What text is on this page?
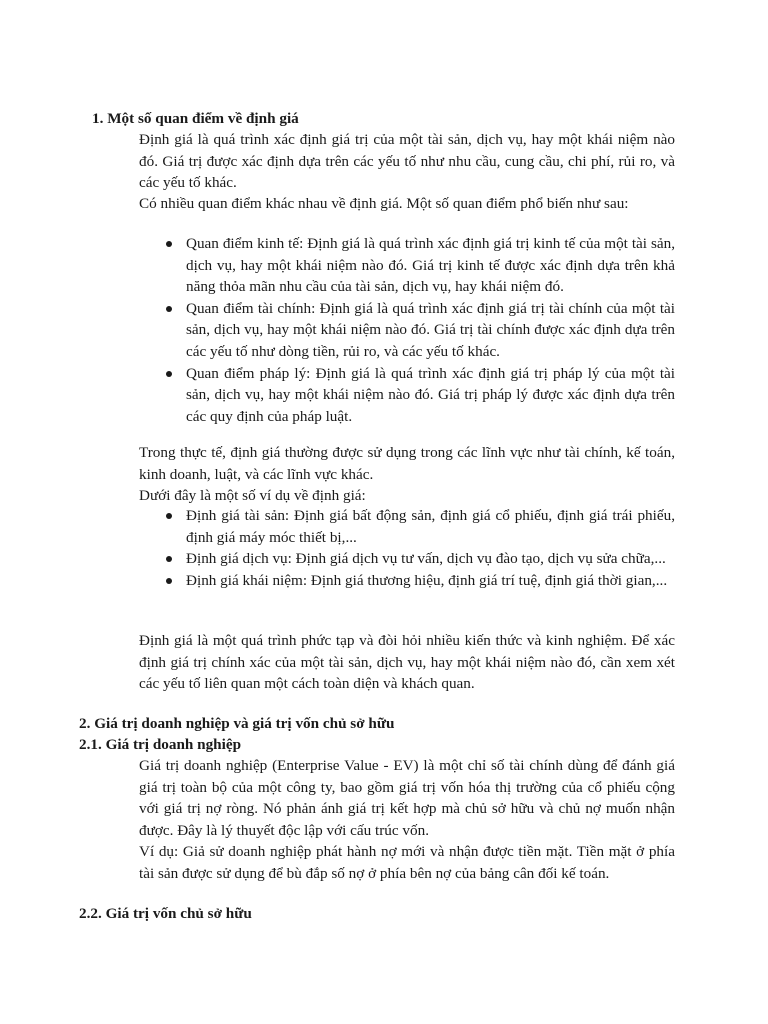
1. Một số quan điểm về định giá

Định giá là quá trình xác định giá trị của một tài sản, dịch vụ, hay một khái niệm nào đó. Giá trị được xác định dựa trên các yếu tố như nhu cầu, cung cầu, chi phí, rủi ro, và các yếu tố khác.

Có nhiều quan điểm khác nhau về định giá. Một số quan điểm phổ biến như sau:

Quan điểm kinh tế: Định giá là quá trình xác định giá trị kinh tế của một tài sản, dịch vụ, hay một khái niệm nào đó. Giá trị kinh tế được xác định dựa trên khả năng thỏa mãn nhu cầu của tài sản, dịch vụ, hay khái niệm đó.
Quan điểm tài chính: Định giá là quá trình xác định giá trị tài chính của một tài sản, dịch vụ, hay một khái niệm nào đó. Giá trị tài chính được xác định dựa trên các yếu tố như dòng tiền, rủi ro, và các yếu tố khác.
Quan điểm pháp lý: Định giá là quá trình xác định giá trị pháp lý của một tài sản, dịch vụ, hay một khái niệm nào đó. Giá trị pháp lý được xác định dựa trên các quy định của pháp luật.

Trong thực tế, định giá thường được sử dụng trong các lĩnh vực như tài chính, kế toán, kinh doanh, luật, và các lĩnh vực khác.

Dưới đây là một số ví dụ về định giá:

Định giá tài sản: Định giá bất động sản, định giá cổ phiếu, định giá trái phiếu, định giá máy móc thiết bị,...
Định giá dịch vụ: Định giá dịch vụ tư vấn, dịch vụ đào tạo, dịch vụ sửa chữa,...
Định giá khái niệm: Định giá thương hiệu, định giá trí tuệ, định giá thời gian,...

Định giá là một quá trình phức tạp và đòi hỏi nhiều kiến thức và kinh nghiệm. Để xác định giá trị chính xác của một tài sản, dịch vụ, hay một khái niệm nào đó, cần xem xét các yếu tố liên quan một cách toàn diện và khách quan.

2. Giá trị doanh nghiệp và giá trị vốn chủ sở hữu
2.1. Giá trị doanh nghiệp

Giá trị doanh nghiệp (Enterprise Value - EV) là một chỉ số tài chính dùng để đánh giá giá trị toàn bộ của một công ty, bao gồm giá trị vốn hóa thị trường của cổ phiếu cộng với giá trị nợ ròng. Nó phản ánh giá trị kết hợp mà chủ sở hữu và chủ nợ muốn nhận được. Đây là lý thuyết độc lập với cấu trúc vốn.

Ví dụ: Giả sử doanh nghiệp phát hành nợ mới và nhận được tiền mặt. Tiền mặt ở phía tài sản được sử dụng để bù đắp số nợ ở phía bên nợ của bảng cân đối kế toán.

2.2. Giá trị vốn chủ sở hữu
